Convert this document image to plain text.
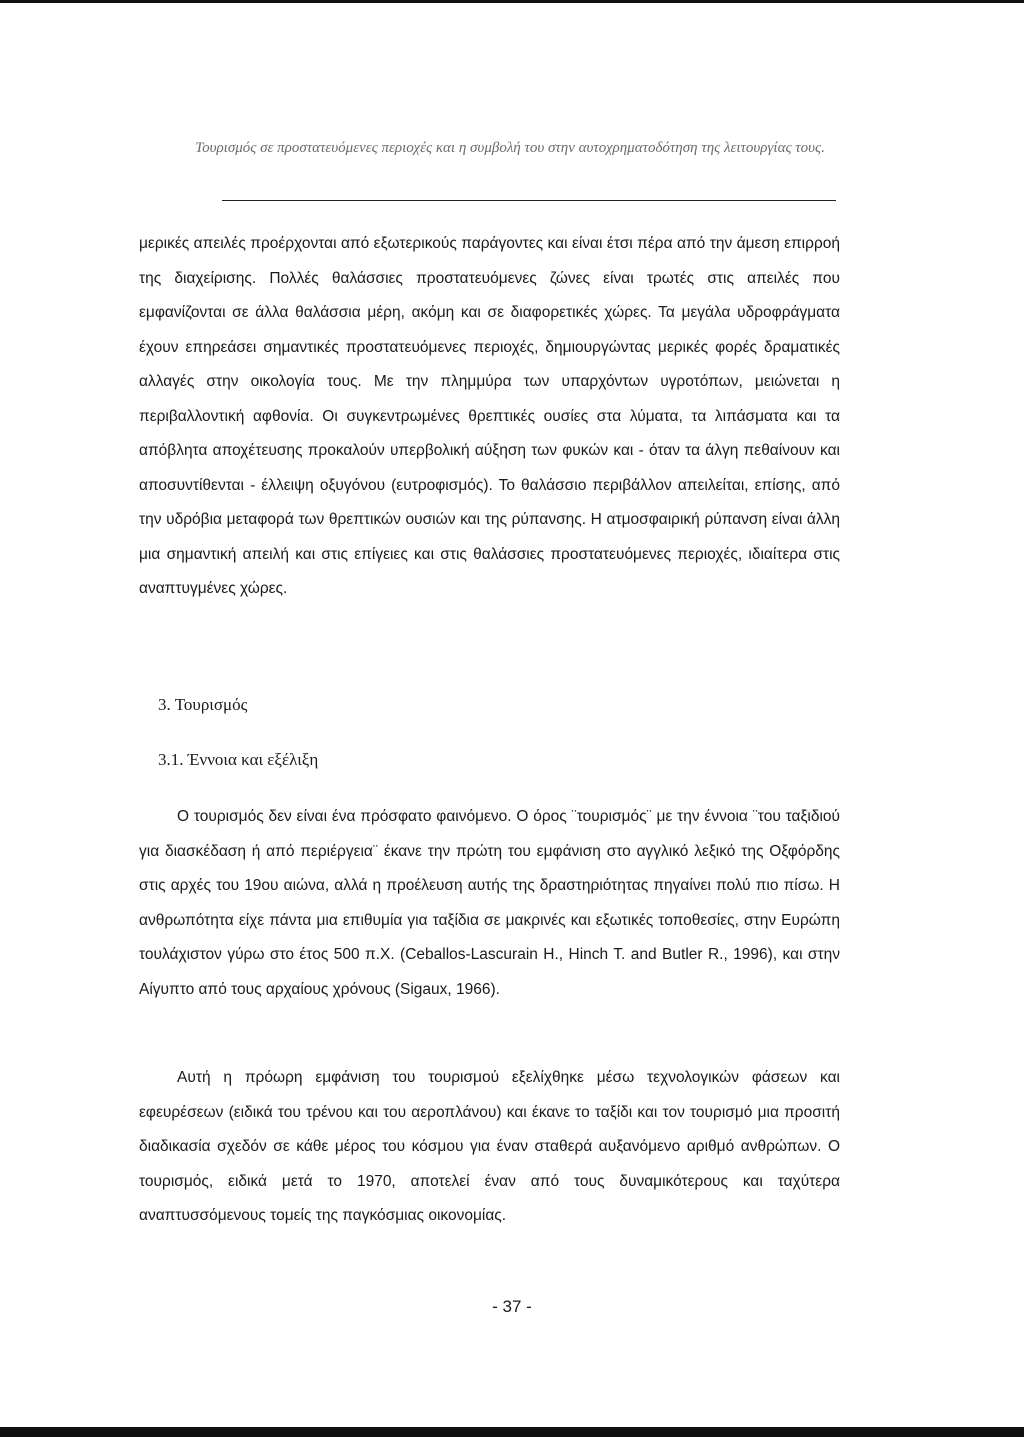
Τουρισμός σε προστατευόμενες περιοχές και η συμβολή του στην αυτοχρηματοδότηση της λειτουργίας τους.

μερικές απειλές προέρχονται από εξωτερικούς παράγοντες και είναι έτσι πέρα από την άμεση επιρροή της διαχείρισης. Πολλές θαλάσσιες προστατευόμενες ζώνες είναι τρωτές στις απειλές που εμφανίζονται σε άλλα θαλάσσια μέρη, ακόμη και σε διαφορετικές χώρες. Τα μεγάλα υδροφράγματα έχουν επηρεάσει σημαντικές προστατευόμενες περιοχές, δημιουργώντας μερικές φορές δραματικές αλλαγές στην οικολογία τους. Με την πλημμύρα των υπαρχόντων υγροτόπων, μειώνεται η περιβαλλοντική αφθονία. Οι συγκεντρωμένες θρεπτικές ουσίες στα λύματα, τα λιπάσματα και τα απόβλητα αποχέτευσης προκαλούν υπερβολική αύξηση των φυκών και - όταν τα άλγη πεθαίνουν και αποσυντίθενται - έλλειψη οξυγόνου (ευτροφισμός). Το θαλάσσιο περιβάλλον απειλείται, επίσης, από την υδρόβια μεταφορά των θρεπτικών ουσιών και της ρύπανσης. Η ατμοσφαιρική ρύπανση είναι άλλη μια σημαντική απειλή και στις επίγειες και στις θαλάσσιες προστατευόμενες περιοχές, ιδιαίτερα στις αναπτυγμένες χώρες.

3. Τουρισμός
3.1. Έννοια και εξέλιξη

Ο τουρισμός δεν είναι ένα πρόσφατο φαινόμενο. Ο όρος ¨τουρισμός¨ με την έννοια ¨του ταξιδιού για διασκέδαση ή από περιέργεια¨ έκανε την πρώτη του εμφάνιση στο αγγλικό λεξικό της Οξφόρδης στις αρχές του 19ου αιώνα, αλλά η προέλευση αυτής της δραστηριότητας πηγαίνει πολύ πιο πίσω. Η ανθρωπότητα είχε πάντα μια επιθυμία για ταξίδια σε μακρινές και εξωτικές τοποθεσίες, στην Ευρώπη τουλάχιστον γύρω στο έτος 500 π.Χ. (Ceballos-Lascurain H., Hinch T. and Butler R., 1996), και στην Αίγυπτο από τους αρχαίους χρόνους (Sigaux, 1966).

Αυτή η πρόωρη εμφάνιση του τουρισμού εξελίχθηκε μέσω τεχνολογικών φάσεων και εφευρέσεων (ειδικά του τρένου και του αεροπλάνου) και έκανε το ταξίδι και τον τουρισμό μια προσιτή διαδικασία σχεδόν σε κάθε μέρος του κόσμου για έναν σταθερά αυξανόμενο αριθμό ανθρώπων. Ο τουρισμός, ειδικά μετά το 1970, αποτελεί έναν από τους δυναμικότερους και ταχύτερα αναπτυσσόμενους τομείς της παγκόσμιας οικονομίας.

- 37 -
